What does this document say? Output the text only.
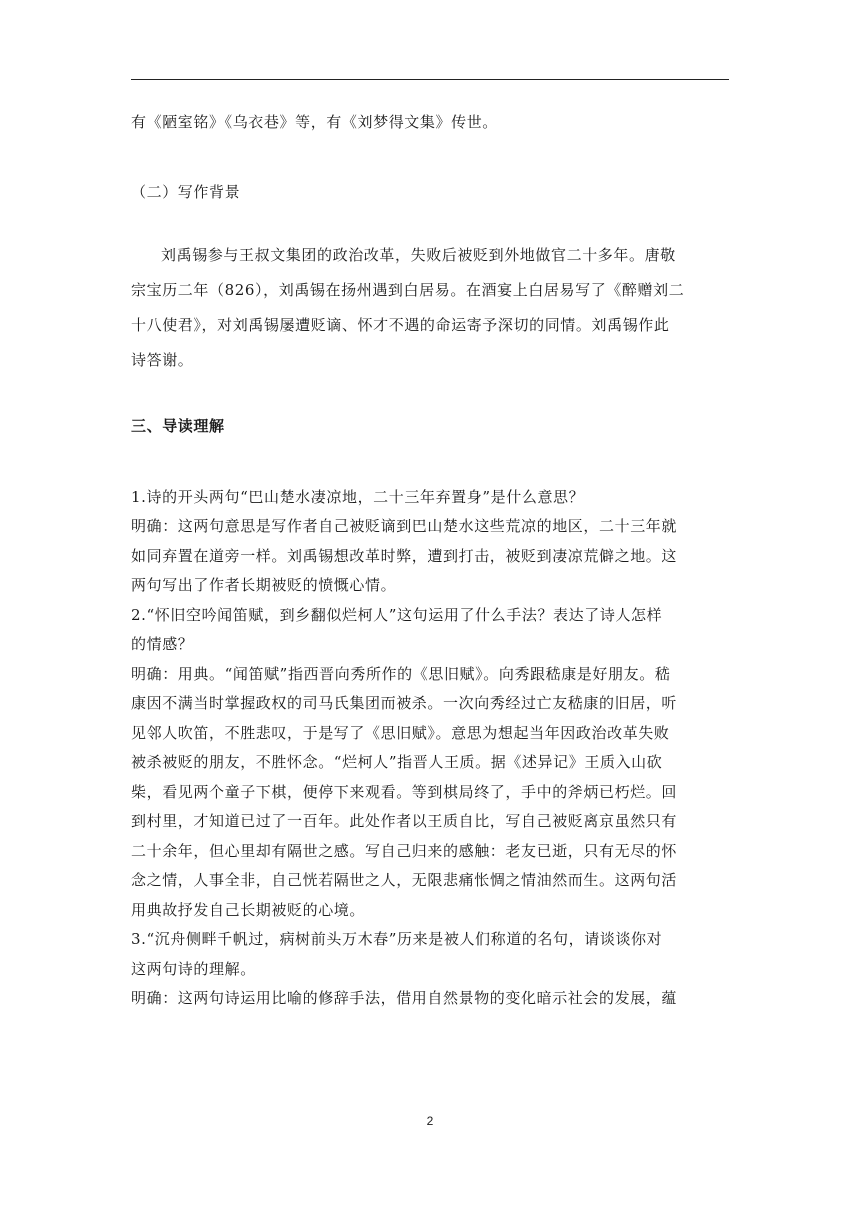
有《陋室铭》《乌衣巷》等，有《刘梦得文集》传世。
（二）写作背景
刘禹锡参与王叔文集团的政治改革，失败后被贬到外地做官二十多年。唐敬
宗宝历二年（826），刘禹锡在扬州遇到白居易。在酒宴上白居易写了《醉赠刘二
十八使君》，对刘禹锡屡遭贬谪、怀才不遇的命运寄予深切的同情。刘禹锡作此
诗答谢。
三、导读理解
1.诗的开头两句“巴山楚水凄凉地，二十三年弃置身”是什么意思？
明确：这两句意思是写作者自己被贬谪到巴山楚水这些荒凉的地区，二十三年就
如同弃置在道旁一样。刘禹锡想改革时弊，遭到打击，被贬到凄凉荒僻之地。这
两句写出了作者长期被贬的愤慨心情。
2.“怀旧空吟闻笛赋，到乡翻似烂柯人”这句运用了什么手法？表达了诗人怎样
的情感？
明确：用典。“闻笛赋”指西晋向秀所作的《思旧赋》。向秀跟嵇康是好朋友。嵇
康因不满当时掌握政权的司马氏集团而被杀。一次向秀经过亡友嵇康的旧居，听
见邻人吹笛，不胜悲叹，于是写了《思旧赋》。意思为想起当年因政治改革失败
被杀被贬的朋友，不胜怀念。“烂柯人”指晋人王质。据《述异记》王质入山砍
柴，看见两个童子下棋，便停下来观看。等到棋局终了，手中的斧炳已朽烂。回
到村里，才知道已过了一百年。此处作者以王质自比，写自己被贬离京虽然只有
二十余年，但心里却有隔世之感。写自己归来的感触：老友已逝，只有无尽的怀
念之情，人事全非，自己恍若隔世之人，无限悲痛怅惆之情油然而生。这两句活
用典故抒发自己长期被贬的心境。
3.“沉舟侧畔千帆过，病树前头万木春”历来是被人们称道的名句，请谈谈你对
这两句诗的理解。
明确：这两句诗运用比喻的修辞手法，借用自然景物的变化暗示社会的发展，蕴
2
